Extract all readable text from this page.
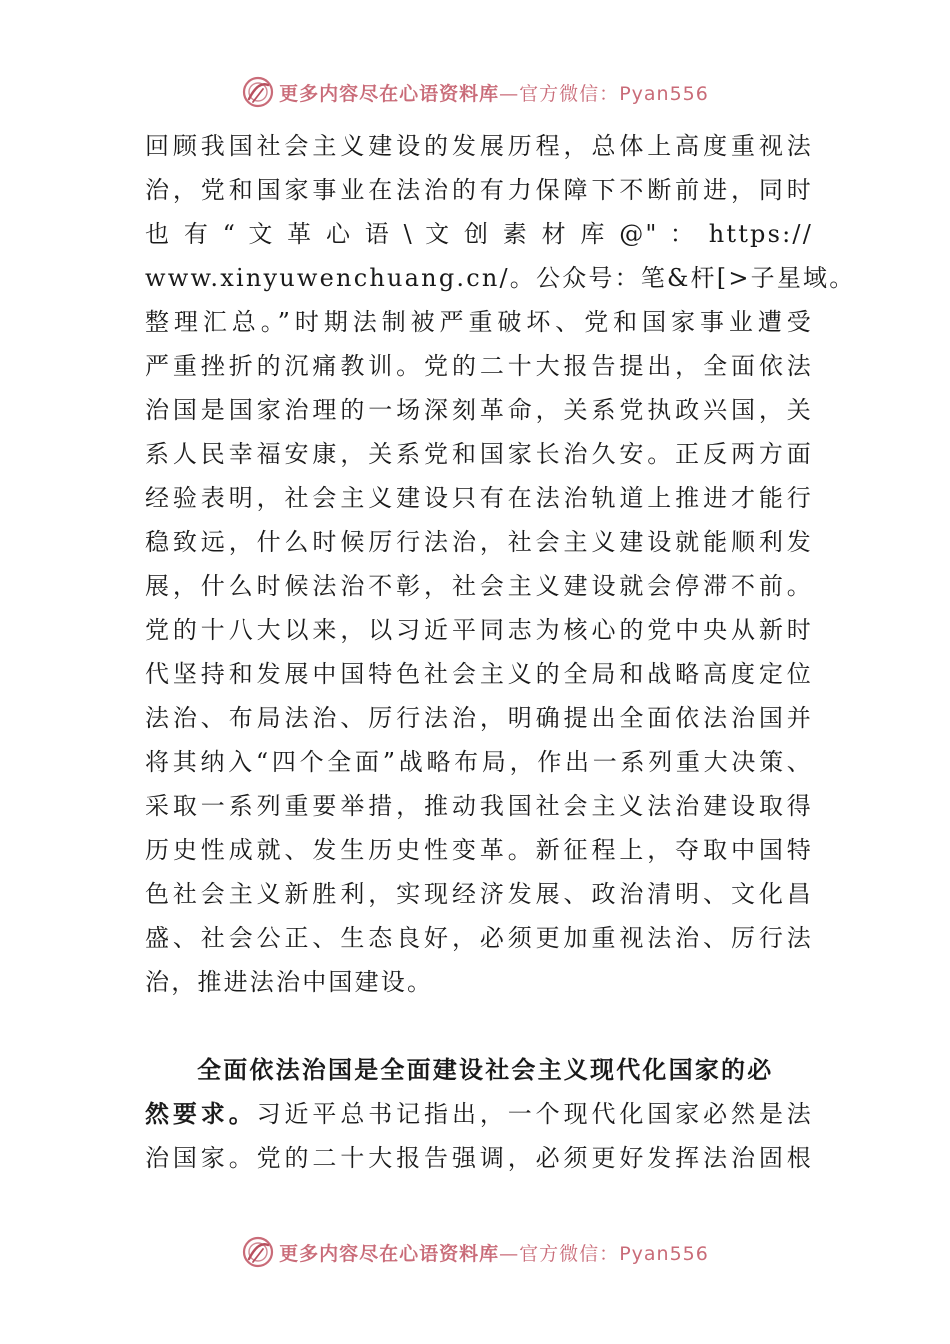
更多内容尽在心语资料库—官方微信：Pyan556
回顾我国社会主义建设的发展历程，总体上高度重视法
治，党和国家事业在法治的有力保障下不断前进，同时
也 有 “ 文 革 心 语 \ 文 创 素 材 库 @" ： https://
www.xinyuwenchuang.cn/。公众号：笔&杆[>子星域。
整理汇总。”时期法制被严重破坏、党和国家事业遭受
严重挫折的沉痛教训。党的二十大报告提出，全面依法
治国是国家治理的一场深刻革命，关系党执政兴国，关
系人民幸福安康，关系党和国家长治久安。正反两方面
经验表明，社会主义建设只有在法治轨道上推进才能行
稳致远，什么时候厉行法治，社会主义建设就能顺利发
展，什么时候法治不彰，社会主义建设就会停滞不前。
党的十八大以来，以习近平同志为核心的党中央从新时
代坚持和发展中国特色社会主义的全局和战略高度定位
法治、布局法治、厉行法治，明确提出全面依法治国并
将其纳入“四个全面”战略布局，作出一系列重大决策、
采取一系列重要举措，推动我国社会主义法治建设取得
历史性成就、发生历史性变革。新征程上，夺取中国特
色社会主义新胜利，实现经济发展、政治清明、文化昌
盛、社会公正、生态良好，必须更加重视法治、厉行法
治，推进法治中国建设。
全面依法治国是全面建设社会主义现代化国家的必
然要求。习近平总书记指出，一个现代化国家必然是法
治国家。党的二十大报告强调，必须更好发挥法治固根
更多内容尽在心语资料库—官方微信：Pyan556
